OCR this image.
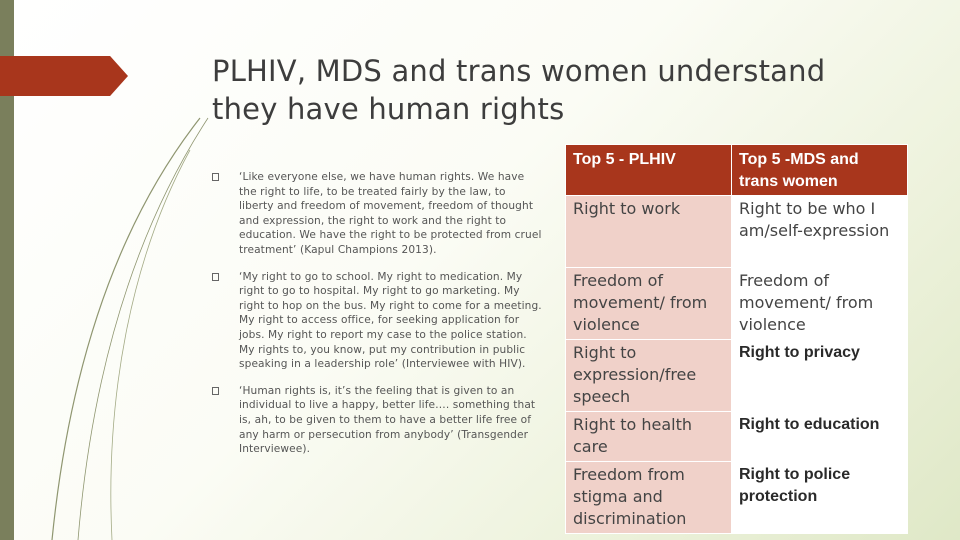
PLHIV, MDS and trans women understand
they have human rights
‘Like everyone else, we have human rights. We have the right to life, to be treated fairly by the law, to liberty and freedom of movement, freedom of thought and expression, the right to work and the right to education. We have the right to be protected from cruel treatment’ (Kapul Champions 2013).
‘My right to go to school. My right to medication. My right to go to hospital. My right to go marketing. My right to hop on the bus. My right to come for a meeting. My right to access office, for seeking application for jobs. My right to report my case to the police station. My rights to, you know, put my contribution in public speaking in a leadership role’ (Interviewee with HIV).
‘Human rights is, it’s the feeling that is given to an individual to live a happy, better life…. something that is, ah, to be given to them to have a better life free of any harm or persecution from anybody’ (Transgender Interviewee).
Top 5 - PLHIV	Top 5 -MDS and trans women
Right to work	Right to be who I am/self-expression
Freedom of movement/ from violence	Freedom of movement/ from violence
Right to expression/free speech	Right to privacy
Right to health care	Right to education
Freedom from stigma and discrimination	Right to police protection
